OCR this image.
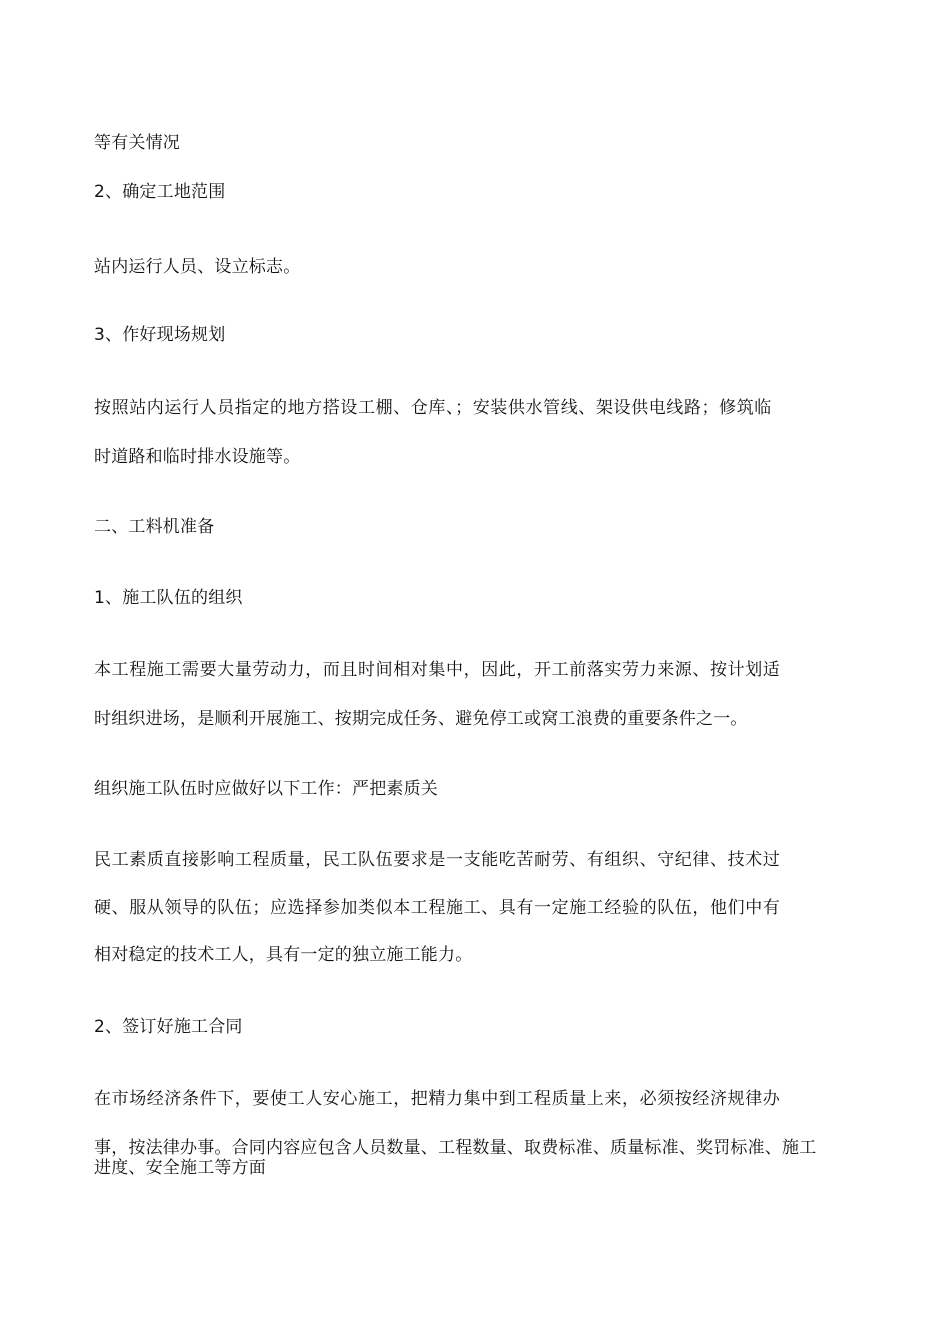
等有关情况

2、确定工地范围

站内运行人员、设立标志。

3、作好现场规划

按照站内运行人员指定的地方搭设工棚、仓库、；安装供水管线、架设供电线路；修筑临

时道路和临时排水设施等。

二、工料机准备

1、施工队伍的组织

本工程施工需要大量劳动力，而且时间相对集中，因此，开工前落实劳力来源、按计划适

时组织进场，是顺利开展施工、按期完成任务、避免停工或窝工浪费的重要条件之一。

组织施工队伍时应做好以下工作：严把素质关

民工素质直接影响工程质量，民工队伍要求是一支能吃苦耐劳、有组织、守纪律、技术过

硬、服从领导的队伍；应选择参加类似本工程施工、具有一定施工经验的队伍，他们中有

相对稳定的技术工人，具有一定的独立施工能力。

2、签订好施工合同

在市场经济条件下，要使工人安心施工，把精力集中到工程质量上来，必须按经济规律办

事，按法律办事。合同内容应包含人员数量、工程数量、取费标准、质量标准、奖罚标准、施工

进度、安全施工等方面
